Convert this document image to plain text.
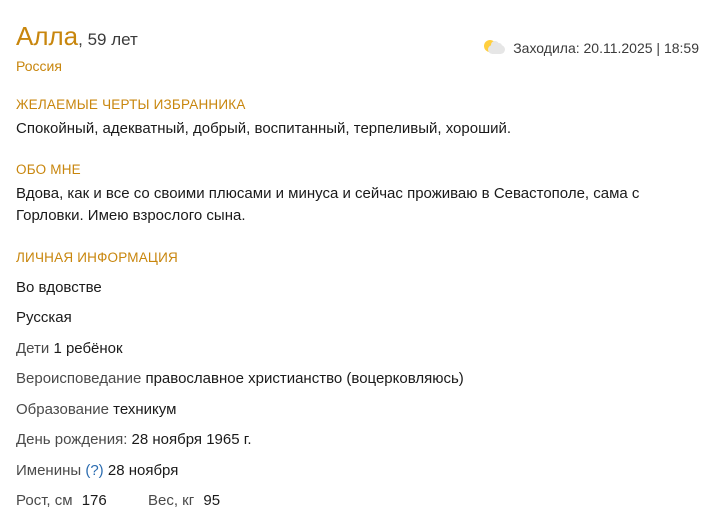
Алла, 59 лет
Россия
Заходила: 20.11.2025 | 18:59
ЖЕЛАЕМЫЕ ЧЕРТЫ ИЗБРАННИКА
Спокойный, адекватный, добрый, воспитанный, терпеливый, хороший.
ОБО МНЕ
Вдова, как и все со своими плюсами и минуса и сейчас проживаю в Севастополе, сама с Горловки. Имею взрослого сына.
ЛИЧНАЯ ИНФОРМАЦИЯ
Во вдовстве
Русская
Дети 1 ребёнок
Вероисповедание православное христианство (воцерковляюсь)
Образование техникум
День рождения: 28 ноября 1965 г.
Именины (?) 28 ноября
Рост, см 176	Вес, кг 95
